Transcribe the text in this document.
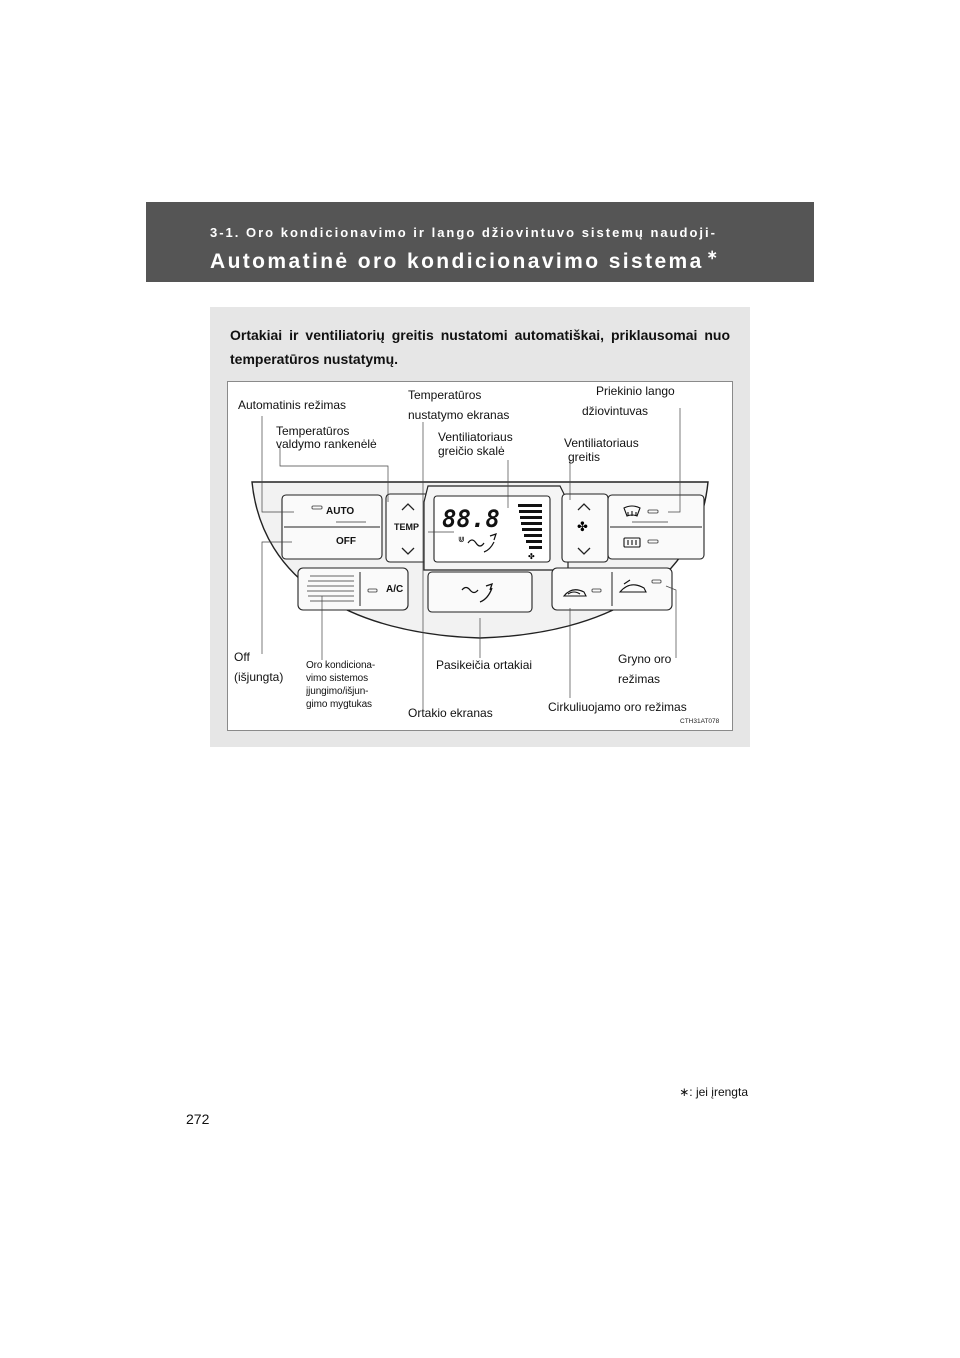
3-1. Oro kondicionavimo ir lango džiovintuvo sistemų naudoji-
Automatinė oro kondicionavimo sistema ∗
Ortakiai ir ventiliatorių greitis nustatomi automatiškai, priklausomai nuo temperatūros nustatymų.
✤
⋓
✤
AUTO
OFF
TEMP
A/C
88.8
Automatinis režimas
Temperatūros
valdymo rankenėlė
Temperatūros
nustatymo ekranas
Ventiliatoriaus
greičio skalė
Priekinio lango
džiovintuvas
Ventiliatoriaus
greitis
Off
(išjungta)
Oro kondiciona-
vimo sistemos
įjungimo/išjun-
gimo mygtukas
Pasikeičia ortakiai
Ortakio ekranas
Gryno oro
režimas
Cirkuliuojamo oro režimas
CTH31AT078
∗: jei įrengta
272
